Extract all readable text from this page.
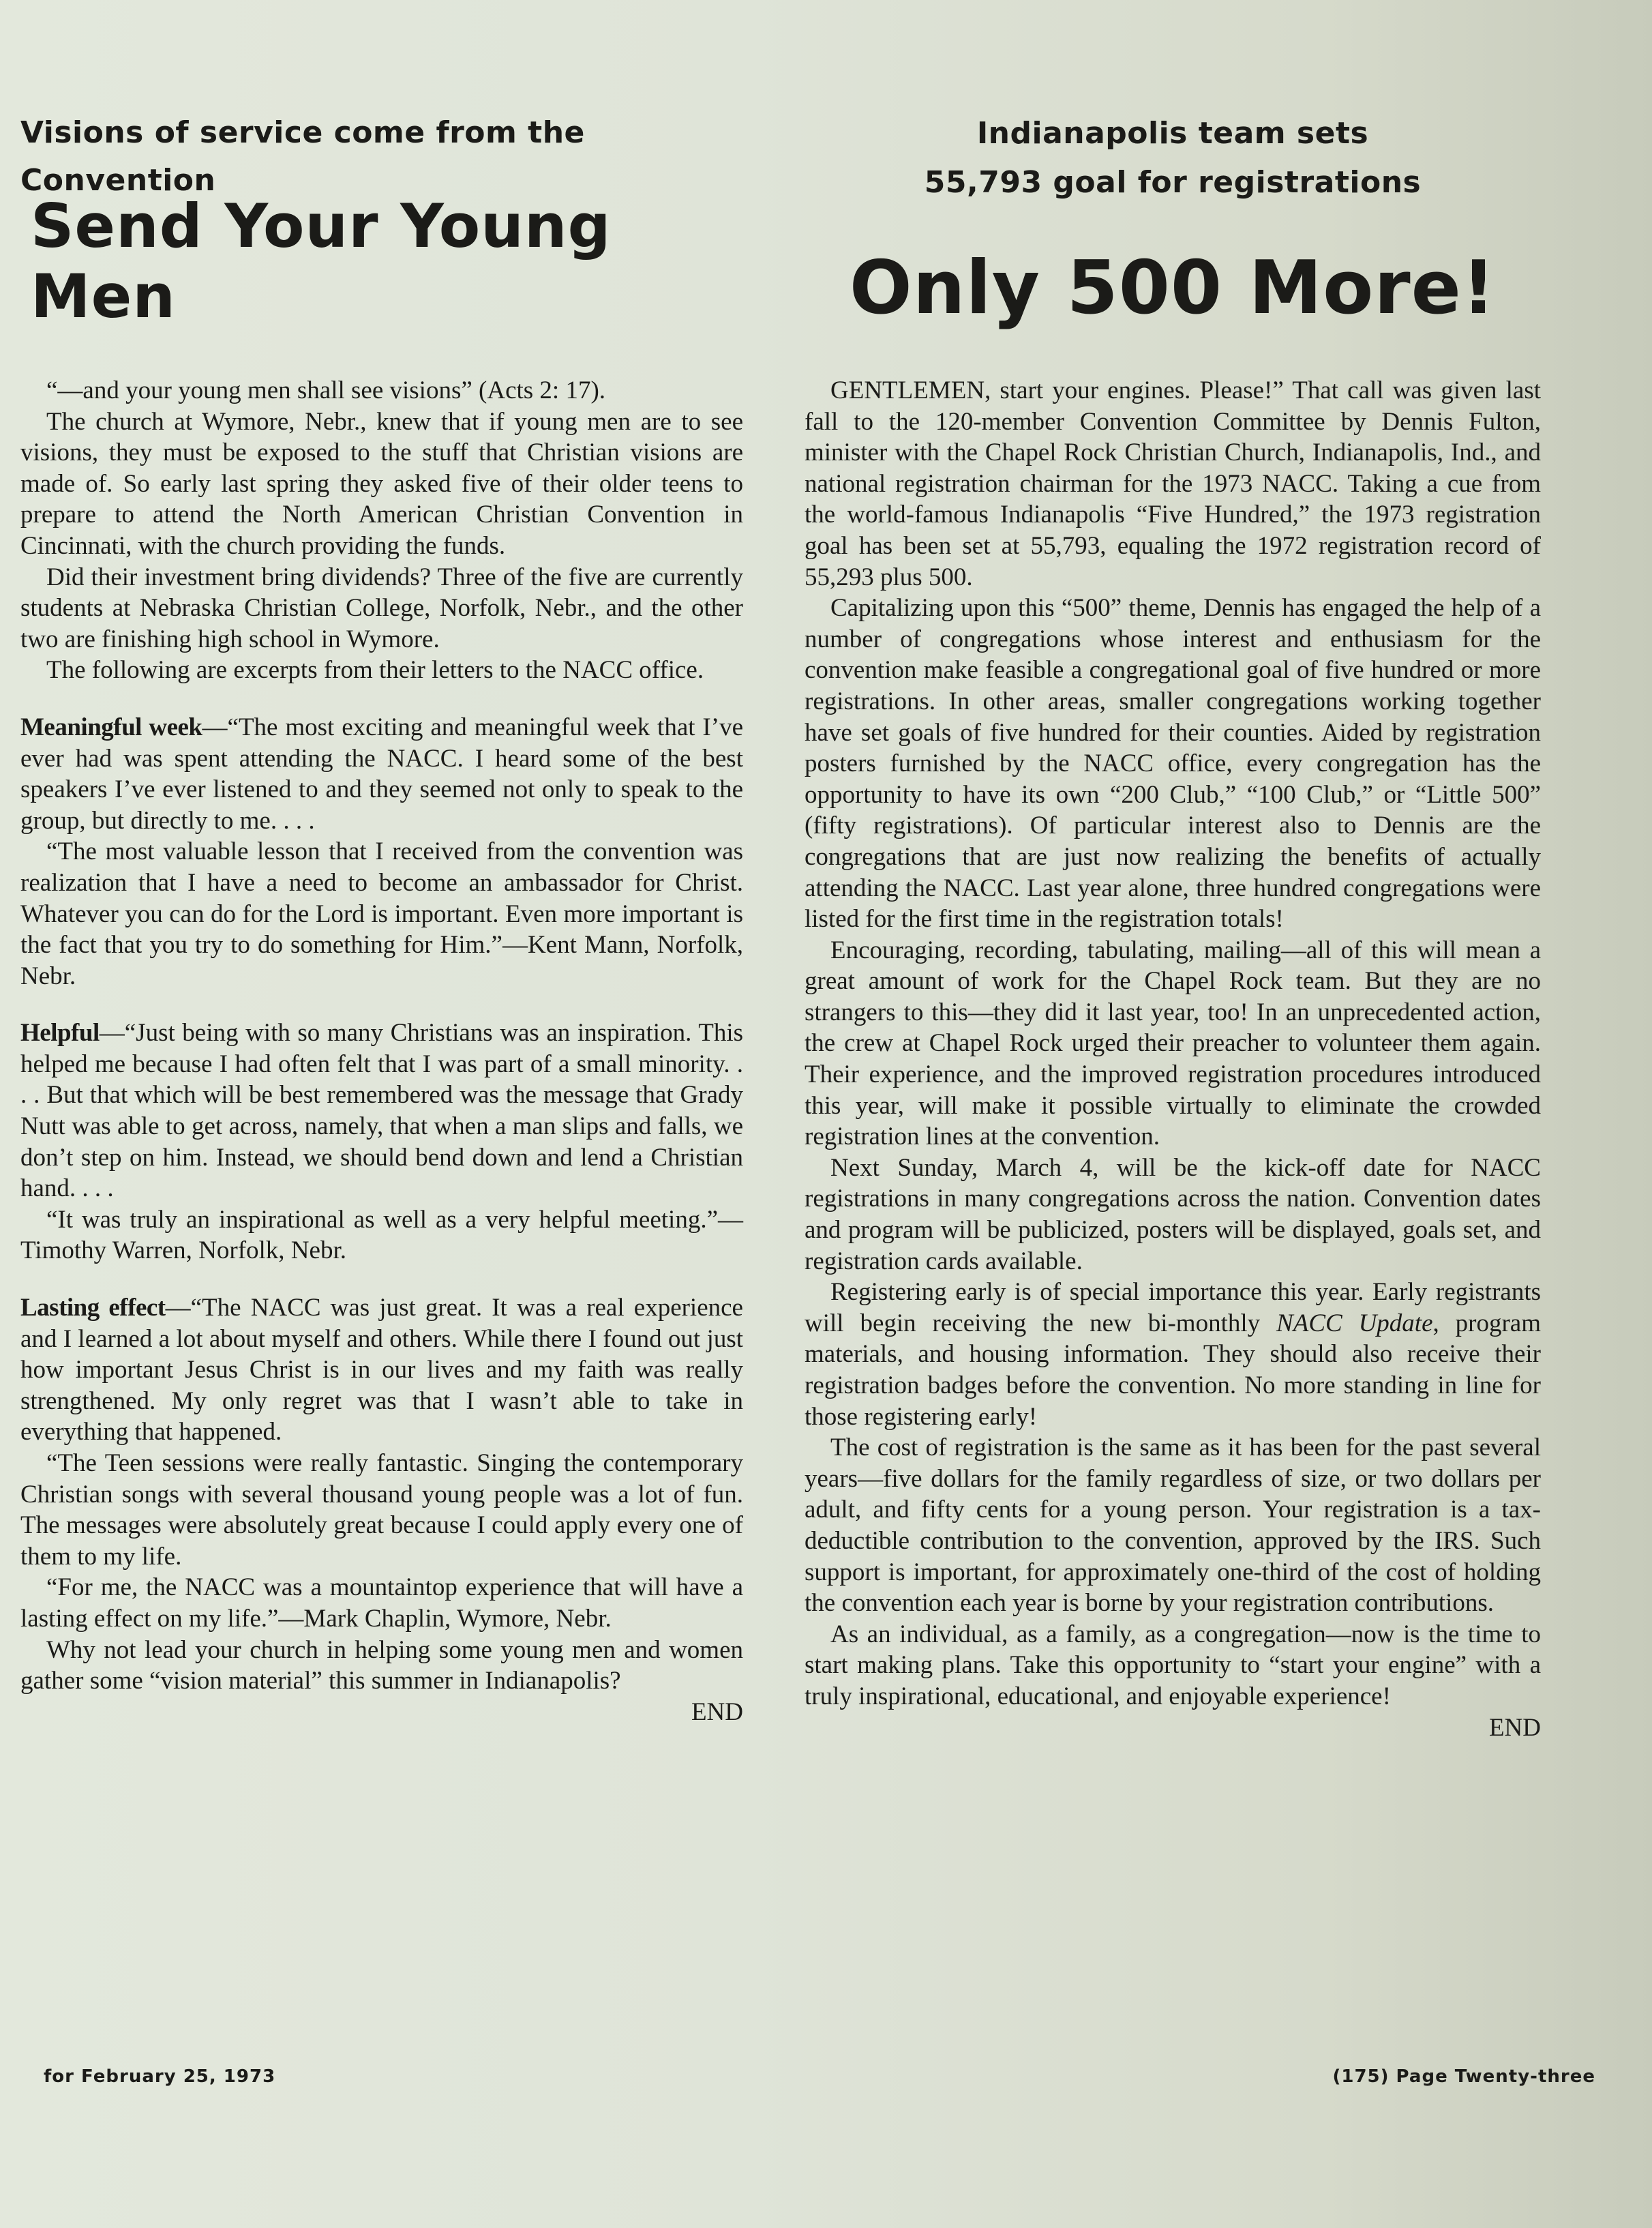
Visions of service come from the Convention
Send Your Young Men

“—and your young men shall see visions” (Acts 2: 17).

The church at Wymore, Nebr., knew that if young men are to see visions, they must be exposed to the stuff that Christian visions are made of. So early last spring they asked five of their older teens to prepare to attend the North American Christian Convention in Cincinnati, with the church providing the funds.

Did their investment bring dividends? Three of the five are currently students at Nebraska Christian College, Norfolk, Nebr., and the other two are finishing high school in Wymore.

The following are excerpts from their letters to the NACC office.

Meaningful week—“The most exciting and meaningful week that I’ve ever had was spent attending the NACC. I heard some of the best speakers I’ve ever listened to and they seemed not only to speak to the group, but directly to me. . . .

“The most valuable lesson that I received from the convention was realization that I have a need to become an ambassador for Christ. Whatever you can do for the Lord is important. Even more important is the fact that you try to do something for Him.”—Kent Mann, Norfolk, Nebr.

Helpful—“Just being with so many Christians was an inspiration. This helped me because I had often felt that I was part of a small minority. . . . But that which will be best remembered was the message that Grady Nutt was able to get across, namely, that when a man slips and falls, we don’t step on him. Instead, we should bend down and lend a Christian hand. . . .

“It was truly an inspirational as well as a very helpful meeting.”—Timothy Warren, Norfolk, Nebr.

Lasting effect—“The NACC was just great. It was a real experience and I learned a lot about myself and others. While there I found out just how important Jesus Christ is in our lives and my faith was really strengthened. My only regret was that I wasn’t able to take in everything that happened.

“The Teen sessions were really fantastic. Singing the contemporary Christian songs with several thousand young people was a lot of fun. The messages were absolutely great because I could apply every one of them to my life.

“For me, the NACC was a mountaintop experience that will have a lasting effect on my life.”—Mark Chaplin, Wymore, Nebr.

Why not lead your church in helping some young men and women gather some “vision material” this summer in Indianapolis?

END
for February 25, 1973
Indianapolis team sets
55,793 goal for registrations
Only 500 More!

GENTLEMEN, start your engines. Please!” That call was given last fall to the 120-member Convention Committee by Dennis Fulton, minister with the Chapel Rock Christian Church, Indianapolis, Ind., and national registration chairman for the 1973 NACC. Taking a cue from the world-famous Indianapolis “Five Hundred,” the 1973 registration goal has been set at 55,793, equaling the 1972 registration record of 55,293 plus 500.

Capitalizing upon this “500” theme, Dennis has engaged the help of a number of congregations whose interest and enthusiasm for the convention make feasible a congregational goal of five hundred or more registrations. In other areas, smaller congregations working together have set goals of five hundred for their counties. Aided by registration posters furnished by the NACC office, every congregation has the opportunity to have its own “200 Club,” “100 Club,” or “Little 500” (fifty registrations). Of particular interest also to Dennis are the congregations that are just now realizing the benefits of actually attending the NACC. Last year alone, three hundred congregations were listed for the first time in the registration totals!

Encouraging, recording, tabulating, mailing—all of this will mean a great amount of work for the Chapel Rock team. But they are no strangers to this—they did it last year, too! In an unprecedented action, the crew at Chapel Rock urged their preacher to volunteer them again. Their experience, and the improved registration procedures introduced this year, will make it possible virtually to eliminate the crowded registration lines at the convention.

Next Sunday, March 4, will be the kick-off date for NACC registrations in many congregations across the nation. Convention dates and program will be publicized, posters will be displayed, goals set, and registration cards available.

Registering early is of special importance this year. Early registrants will begin receiving the new bi-monthly NACC Update, program materials, and housing information. They should also receive their registration badges before the convention. No more standing in line for those registering early!

The cost of registration is the same as it has been for the past several years—five dollars for the family regardless of size, or two dollars per adult, and fifty cents for a young person. Your registration is a tax-deductible contribution to the convention, approved by the IRS. Such support is important, for approximately one-third of the cost of holding the convention each year is borne by your registration contributions.

As an individual, as a family, as a congregation—now is the time to start making plans. Take this opportunity to “start your engine” with a truly inspirational, educational, and enjoyable experience!

END
(175) Page Twenty-three
